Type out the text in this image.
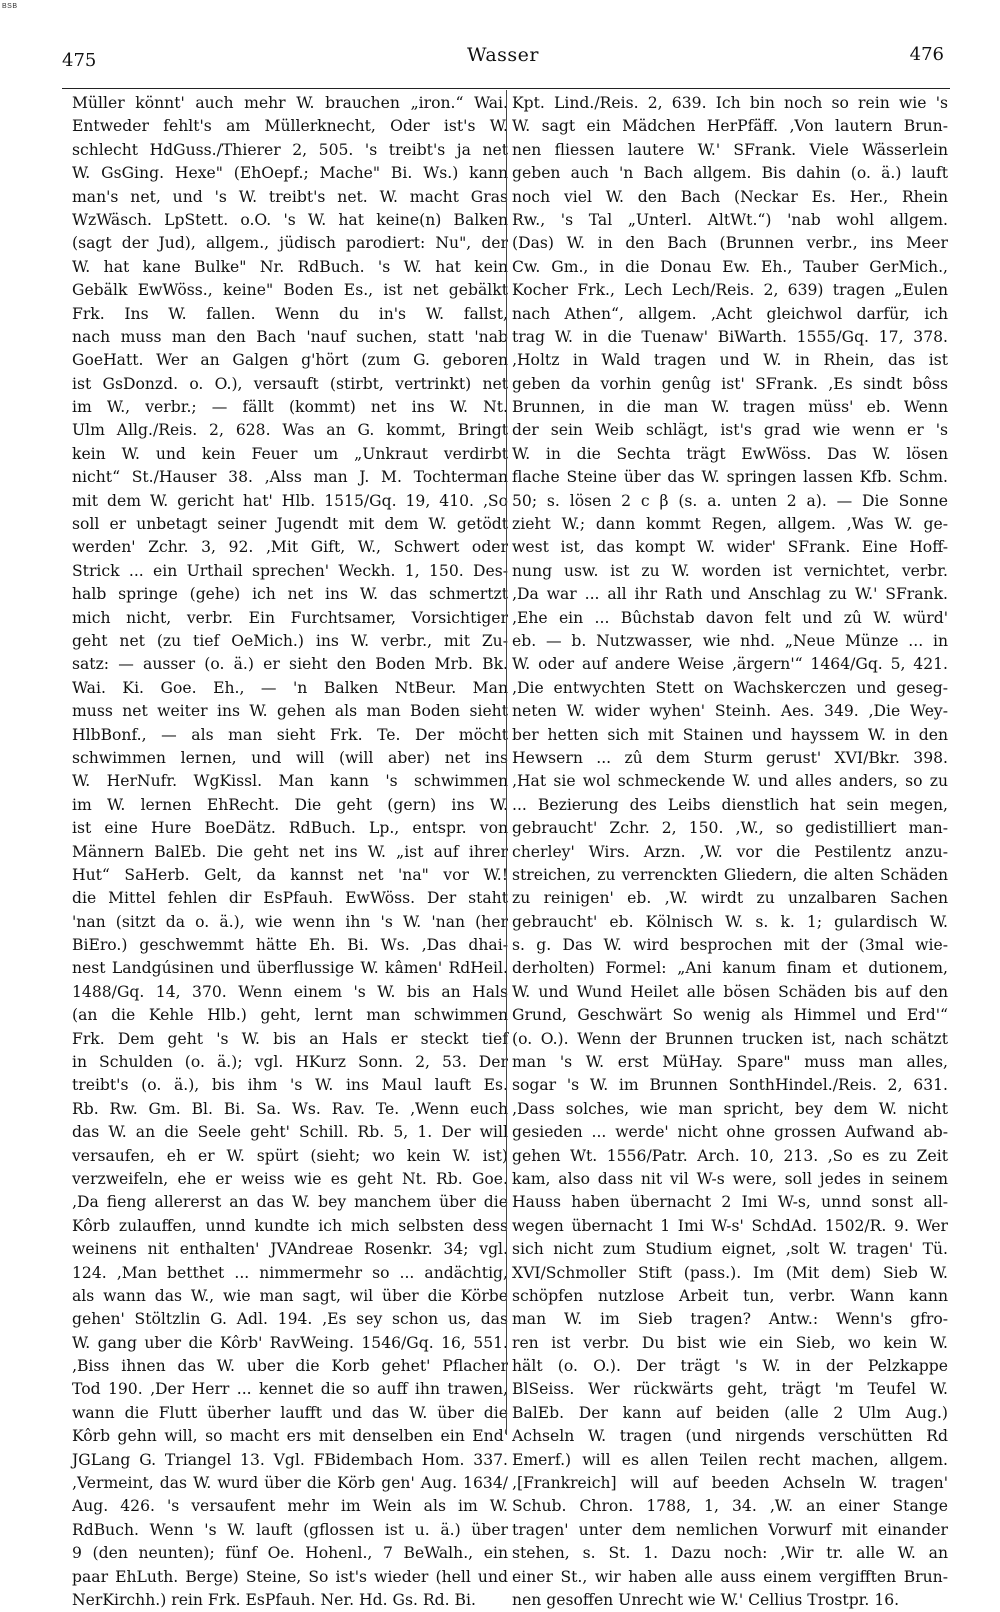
BSB
475	Wasser	476
Müller könnt' auch mehr W. brauchen „iron.“ Wai.
Entweder fehlt's am Müllerknecht, Oder ist's W.
schlecht HdGuss./Thierer 2, 505. 's treibt's ja net
W. GsGing. Hexe" (EhOepf.; Mache" Bi. Ws.) kann
man's net, und 's W. treibt's net. W. macht Gras
WzWäsch. LpStett. o.O. 's W. hat keine(n) Balken
(sagt der Jud), allgem., jüdisch parodiert: Nu", der
W. hat kane Bulke" Nr. RdBuch. 's W. hat kein
Gebälk EwWöss., keine" Boden Es., ist net gebälkt
Frk. Ins W. fallen. Wenn du in's W. fallst,
nach muss man den Bach 'nauf suchen, statt 'nab
GoeHatt. Wer an Galgen g'hört (zum G. geboren
ist GsDonzd. o. O.), versauft (stirbt, vertrinkt) net
im W., verbr.; — fällt (kommt) net ins W. Nt.
Ulm Allg./Reis. 2, 628. Was an G. kommt, Bringt
kein W. und kein Feuer um „Unkraut verdirbt
nicht“ St./Hauser 38. ‚Alss man J. M. Tochterman
mit dem W. gericht hat' Hlb. 1515/Gq. 19, 410. ‚So
soll er unbetagt seiner Jugendt mit dem W. getödt
werden' Zchr. 3, 92. ‚Mit Gift, W., Schwert oder
Strick ... ein Urthail sprechen' Weckh. 1, 150. Des-
halb springe (gehe) ich net ins W. das schmertzt
mich nicht, verbr. Ein Furchtsamer, Vorsichtiger
geht net (zu tief OeMich.) ins W. verbr., mit Zu-
satz: — ausser (o. ä.) er sieht den Boden Mrb. Bk.
Wai. Ki. Goe. Eh., — 'n Balken NtBeur. Man
muss net weiter ins W. gehen als man Boden sieht
HlbBonf., — als man sieht Frk. Te. Der möcht
schwimmen lernen, und will (will aber) net ins
W. HerNufr. WgKissl. Man kann 's schwimmen
im W. lernen EhRecht. Die geht (gern) ins W.
ist eine Hure BoeDätz. RdBuch. Lp., entspr. von
Männern BalEb. Die geht net ins W. „ist auf ihrer
Hut“ SaHerb. Gelt, da kannst net 'na" vor W.!
die Mittel fehlen dir EsPfauh. EwWöss. Der staht
'nan (sitzt da o. ä.), wie wenn ihn 's W. 'nan (her
BiEro.) geschwemmt hätte Eh. Bi. Ws. ‚Das dhai-
nest Landgúsinen und überflussige W. kâmen' RdHeil.
1488/Gq. 14, 370. Wenn einem 's W. bis an Hals
(an die Kehle Hlb.) geht, lernt man schwimmen
Frk. Dem geht 's W. bis an Hals er steckt tief
in Schulden (o. ä.); vgl. HKurz Sonn. 2, 53. Der
treibt's (o. ä.), bis ihm 's W. ins Maul lauft Es.
Rb. Rw. Gm. Bl. Bi. Sa. Ws. Rav. Te. ‚Wenn euch
das W. an die Seele geht' Schill. Rb. 5, 1. Der will
versaufen, eh er W. spürt (sieht; wo kein W. ist)
verzweifeln, ehe er weiss wie es geht Nt. Rb. Goe.
‚Da fieng allererst an das W. bey manchem über die
Kôrb zulauffen, unnd kundte ich mich selbsten dess
weinens nit enthalten' JVAndreae Rosenkr. 34; vgl.
124. ‚Man betthet ... nimmermehr so ... andächtig,
als wann das W., wie man sagt, wil über die Körbe
gehen' Stöltzlin G. Adl. 194. ‚Es sey schon us, das
W. gang uber die Kôrb' RavWeing. 1546/Gq. 16, 551.
‚Biss ihnen das W. uber die Korb gehet' Pflacher
Tod 190. ‚Der Herr ... kennet die so auff ihn trawen,
wann die Flutt überher laufft und das W. über die
Kôrb gehn will, so macht ers mit denselben ein End'
JGLang G. Triangel 13. Vgl. FBidembach Hom. 337.
‚Vermeint, das W. wurd über die Körb gen' Aug. 1634/
Aug. 426. 's versaufent mehr im Wein als im W.
RdBuch. Wenn 's W. lauft (gflossen ist u. ä.) über
9 (den neunten); fünf Oe. Hohenl., 7 BeWalh., ein
paar EhLuth. Berge) Steine, So ist's wieder (hell und
NerKirchh.) rein Frk. EsPfauh. Ner. Hd. Gs. Rd. Bi.
Kpt. Lind./Reis. 2, 639. Ich bin noch so rein wie 's
W. sagt ein Mädchen HerPfäff. ‚Von lautern Brun-
nen fliessen lautere W.' SFrank. Viele Wässerlein
geben auch 'n Bach allgem. Bis dahin (o. ä.) lauft
noch viel W. den Bach (Neckar Es. Her., Rhein
Rw., 's Tal „Unterl. AltWt.“) 'nab wohl allgem.
(Das) W. in den Bach (Brunnen verbr., ins Meer
Cw. Gm., in die Donau Ew. Eh., Tauber GerMich.,
Kocher Frk., Lech Lech/Reis. 2, 639) tragen „Eulen
nach Athen“, allgem. ‚Acht gleichwol darfür, ich
trag W. in die Tuenaw' BiWarth. 1555/Gq. 17, 378.
‚Holtz in Wald tragen und W. in Rhein, das ist
geben da vorhin genûg ist' SFrank. ‚Es sindt bôss
Brunnen, in die man W. tragen müss' eb. Wenn
der sein Weib schlägt, ist's grad wie wenn er 's
W. in die Sechta trägt EwWöss. Das W. lösen
flache Steine über das W. springen lassen Kfb. Schm.
50; s. lösen 2 c β (s. a. unten 2 a). — Die Sonne
zieht W.; dann kommt Regen, allgem. ‚Was W. ge-
west ist, das kompt W. wider' SFrank. Eine Hoff-
nung usw. ist zu W. worden ist vernichtet, verbr.
‚Da war ... all ihr Rath und Anschlag zu W.' SFrank.
‚Ehe ein ... Bûchstab davon felt und zû W. würd'
eb. — b. Nutzwasser, wie nhd. „Neue Münze ... in
W. oder auf andere Weise ‚ärgern'“ 1464/Gq. 5, 421.
‚Die entwychten Stett on Wachskerczen und geseg-
neten W. wider wyhen' Steinh. Aes. 349. ‚Die Wey-
ber hetten sich mit Stainen und hayssem W. in den
Hewsern ... zû dem Sturm gerust' XVI/Bkr. 398.
‚Hat sie wol schmeckende W. und alles anders, so zu
... Bezierung des Leibs dienstlich hat sein megen,
gebraucht' Zchr. 2, 150. ‚W., so gedistilliert man-
cherley' Wirs. Arzn. ‚W. vor die Pestilentz anzu-
streichen, zu verrenckten Gliedern, die alten Schäden
zu reinigen' eb. ‚W. wirdt zu unzalbaren Sachen
gebraucht' eb. Kölnisch W. s. k. 1; gulardisch W.
s. g. Das W. wird besprochen mit der (3mal wie-
derholten) Formel: „Ani kanum finam et dutionem,
W. und Wund Heilet alle bösen Schäden bis auf den
Grund, Geschwärt So wenig als Himmel und Erd'“
(o. O.). Wenn der Brunnen trucken ist, nach schätzt
man 's W. erst MüHay. Spare" muss man alles,
sogar 's W. im Brunnen SonthHindel./Reis. 2, 631.
‚Dass solches, wie man spricht, bey dem W. nicht
gesieden ... werde' nicht ohne grossen Aufwand ab-
gehen Wt. 1556/Patr. Arch. 10, 213. ‚So es zu Zeit
kam, also dass nit vil W-s were, soll jedes in seinem
Hauss haben übernacht 2 Imi W-s, unnd sonst all-
wegen übernacht 1 Imi W-s' SchdAd. 1502/R. 9. Wer
sich nicht zum Studium eignet, ‚solt W. tragen' Tü.
XVI/Schmoller Stift (pass.). Im (Mit dem) Sieb W.
schöpfen nutzlose Arbeit tun, verbr. Wann kann
man W. im Sieb tragen? Antw.: Wenn's gfro-
ren ist verbr. Du bist wie ein Sieb, wo kein W.
hält (o. O.). Der trägt 's W. in der Pelzkappe
BlSeiss. Wer rückwärts geht, trägt 'm Teufel W.
BalEb. Der kann auf beiden (alle 2 Ulm Aug.)
Achseln W. tragen (und nirgends verschütten Rd
Emerf.) will es allen Teilen recht machen, allgem.
‚[Frankreich] will auf beeden Achseln W. tragen'
Schub. Chron. 1788, 1, 34. ‚W. an einer Stange
tragen' unter dem nemlichen Vorwurf mit einander
stehen, s. St. 1. Dazu noch: ‚Wir tr. alle W. an
einer St., wir haben alle auss einem vergifften Brun-
nen gesoffen Unrecht wie W.' Cellius Trostpr. 16.
